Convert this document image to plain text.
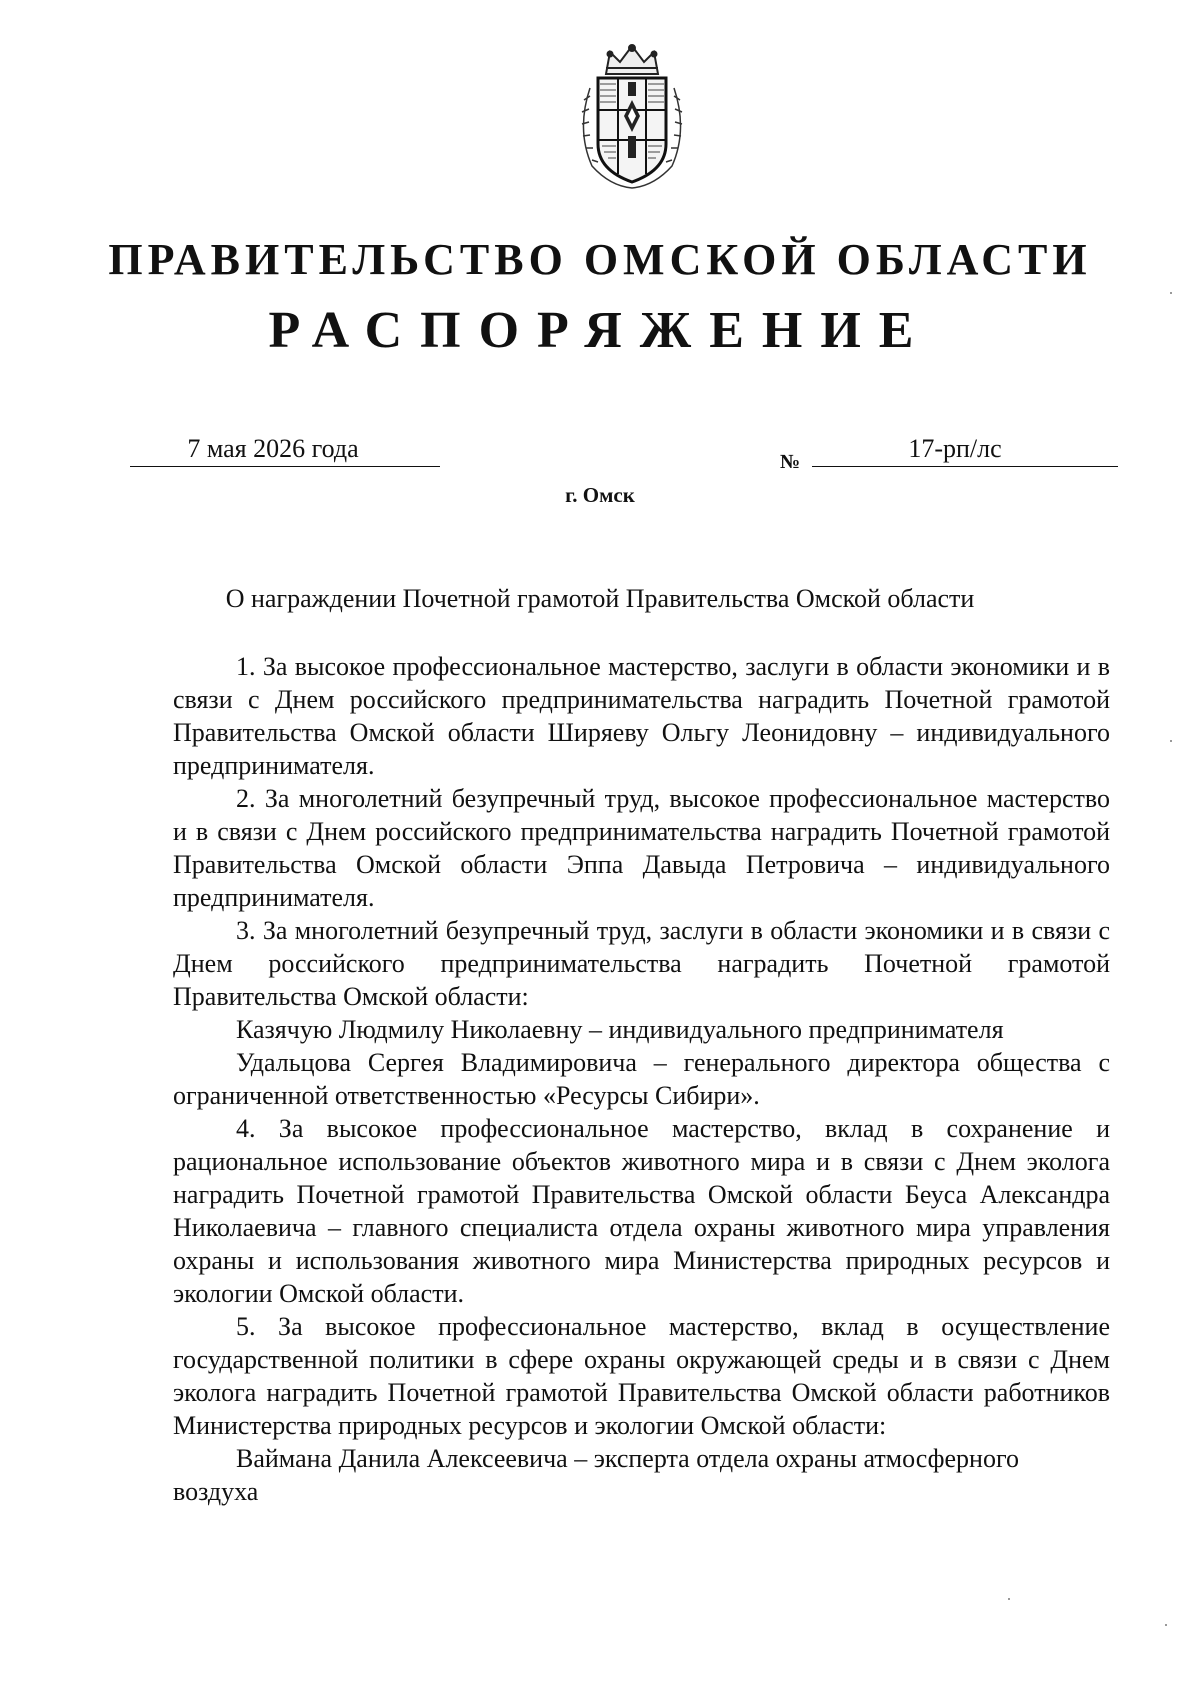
ПРАВИТЕЛЬСТВО ОМСКОЙ ОБЛАСТИ
РАСПОРЯЖЕНИЕ
7 мая 2026 года	№	17-рп/лс
г. Омск
О награждении Почетной грамотой Правительства Омской области

1. За высокое профессиональное мастерство, заслуги в области экономики и в связи с Днем российского предпринимательства наградить Почетной грамотой Правительства Омской области Ширяеву Ольгу Леонидовну – индивидуального предпринимателя.

2. За многолетний безупречный труд, высокое профессиональное мастерство и в связи с Днем российского предпринимательства наградить Почетной грамотой Правительства Омской области Эппа Давыда Петровича – индивидуального предпринимателя.

3. За многолетний безупречный труд, заслуги в области экономики и в связи с Днем российского предпринимательства наградить Почетной грамотой Правительства Омской области:

Казячую Людмилу Николаевну – индивидуального предпринимателя

Удальцова Сергея Владимировича – генерального директора общества с ограниченной ответственностью «Ресурсы Сибири».

4. За высокое профессиональное мастерство, вклад в сохранение и рациональное использование объектов животного мира и в связи с Днем эколога наградить Почетной грамотой Правительства Омской области Беуса Александра Николаевича – главного специалиста отдела охраны животного мира управления охраны и использования животного мира Министерства природных ресурсов и экологии Омской области.

5. За высокое профессиональное мастерство, вклад в осуществление государственной политики в сфере охраны окружающей среды и в связи с Днем эколога наградить Почетной грамотой Правительства Омской области работников Министерства природных ресурсов и экологии Омской области:

Ваймана Данила Алексеевича – эксперта отдела охраны атмосферного воздуха
